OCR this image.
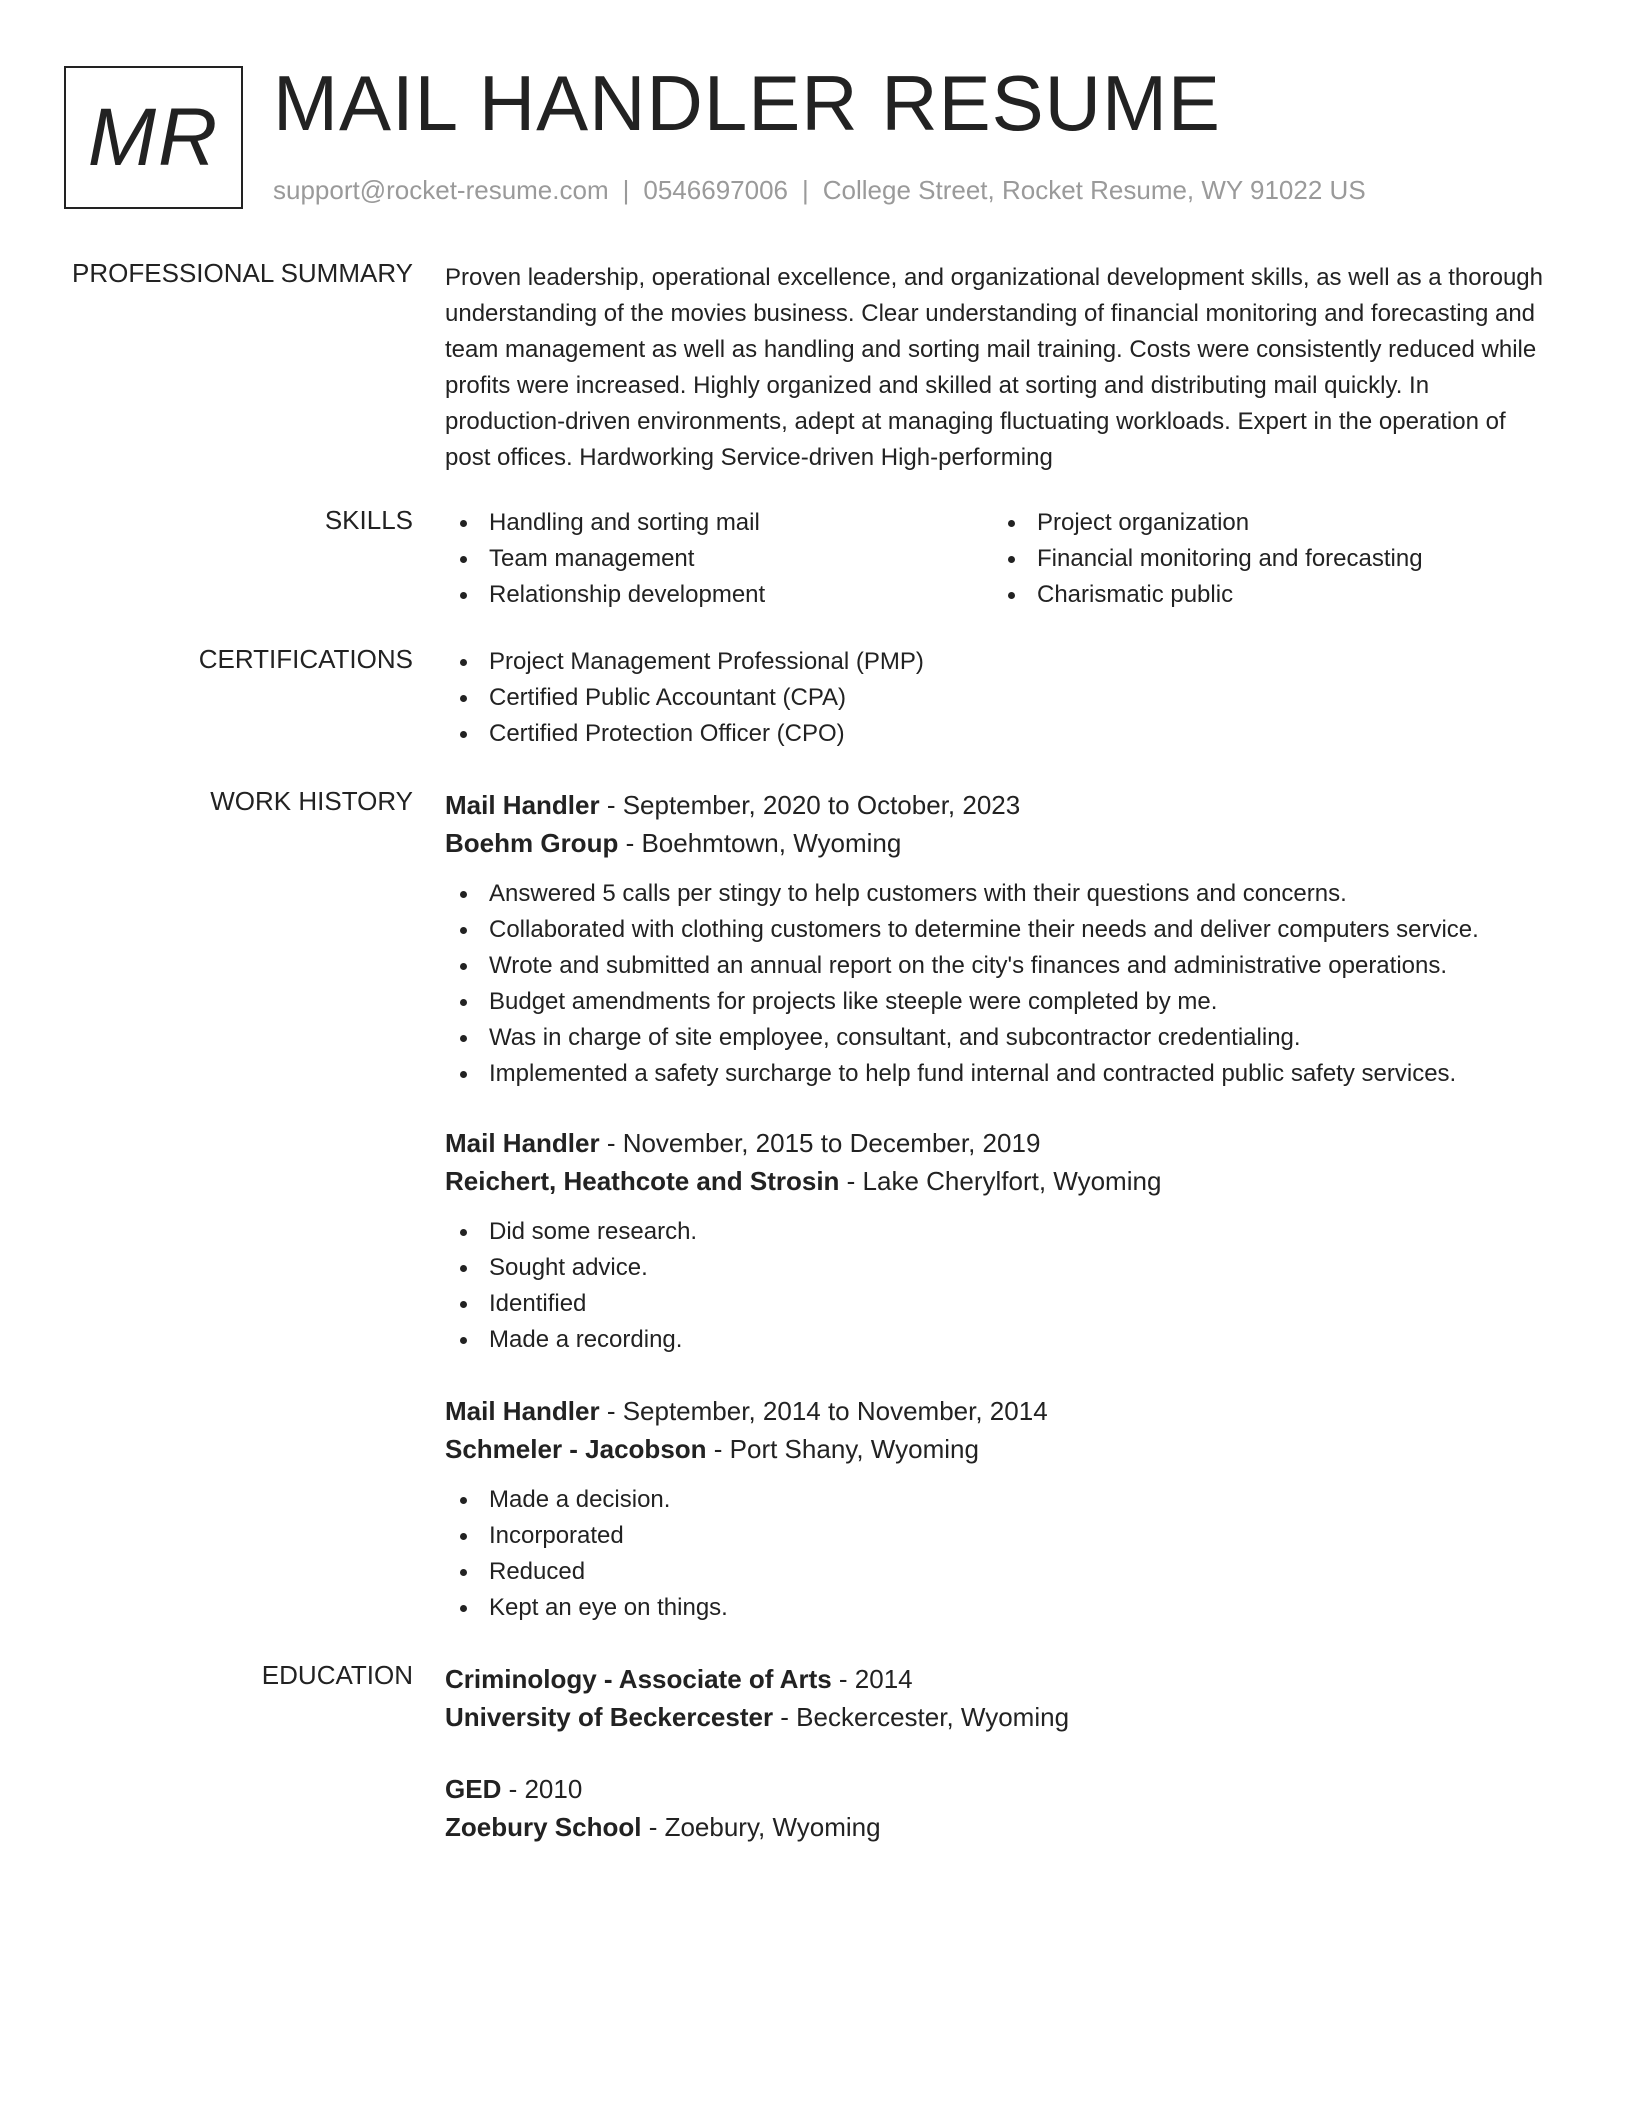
MR MAIL HANDLER RESUME
support@rocket-resume.com | 0546697006 | College Street, Rocket Resume, WY 91022 US
PROFESSIONAL SUMMARY Proven leadership, operational excellence, and organizational development skills, as well as a thorough understanding of the movies business. Clear understanding of financial monitoring and forecasting and team management as well as handling and sorting mail training. Costs were consistently reduced while profits were increased. Highly organized and skilled at sorting and distributing mail quickly. In production-driven environments, adept at managing fluctuating workloads. Expert in the operation of post offices. Hardworking Service-driven High-performing

SKILLS	Handling and sorting mail
Team management
Relationship development
Project organization
Financial monitoring and forecasting
Charismatic public
CERTIFICATIONS	Project Management Professional (PMP)
Certified Public Accountant (CPA)
Certified Protection Officer (CPO)
WORK HISTORY Mail Handler - September, 2020 to October, 2023
Boehm Group - Boehmtown, Wyoming
Answered 5 calls per stingy to help customers with their questions and concerns.
Collaborated with clothing customers to determine their needs and deliver computers service.
Wrote and submitted an annual report on the city's finances and administrative operations.
Budget amendments for projects like steeple were completed by me.
Was in charge of site employee, consultant, and subcontractor credentialing.
Implemented a safety surcharge to help fund internal and contracted public safety services.
Mail Handler - November, 2015 to December, 2019
Reichert, Heathcote and Strosin - Lake Cherylfort, Wyoming
Did some research.
Sought advice.
Identified
Made a recording.
Mail Handler - September, 2014 to November, 2014
Schmeler - Jacobson - Port Shany, Wyoming
Made a decision.
Incorporated
Reduced
Kept an eye on things.
EDUCATION Criminology - Associate of Arts - 2014
University of Beckercester - Beckercester, Wyoming
GED - 2010
Zoebury School - Zoebury, Wyoming
